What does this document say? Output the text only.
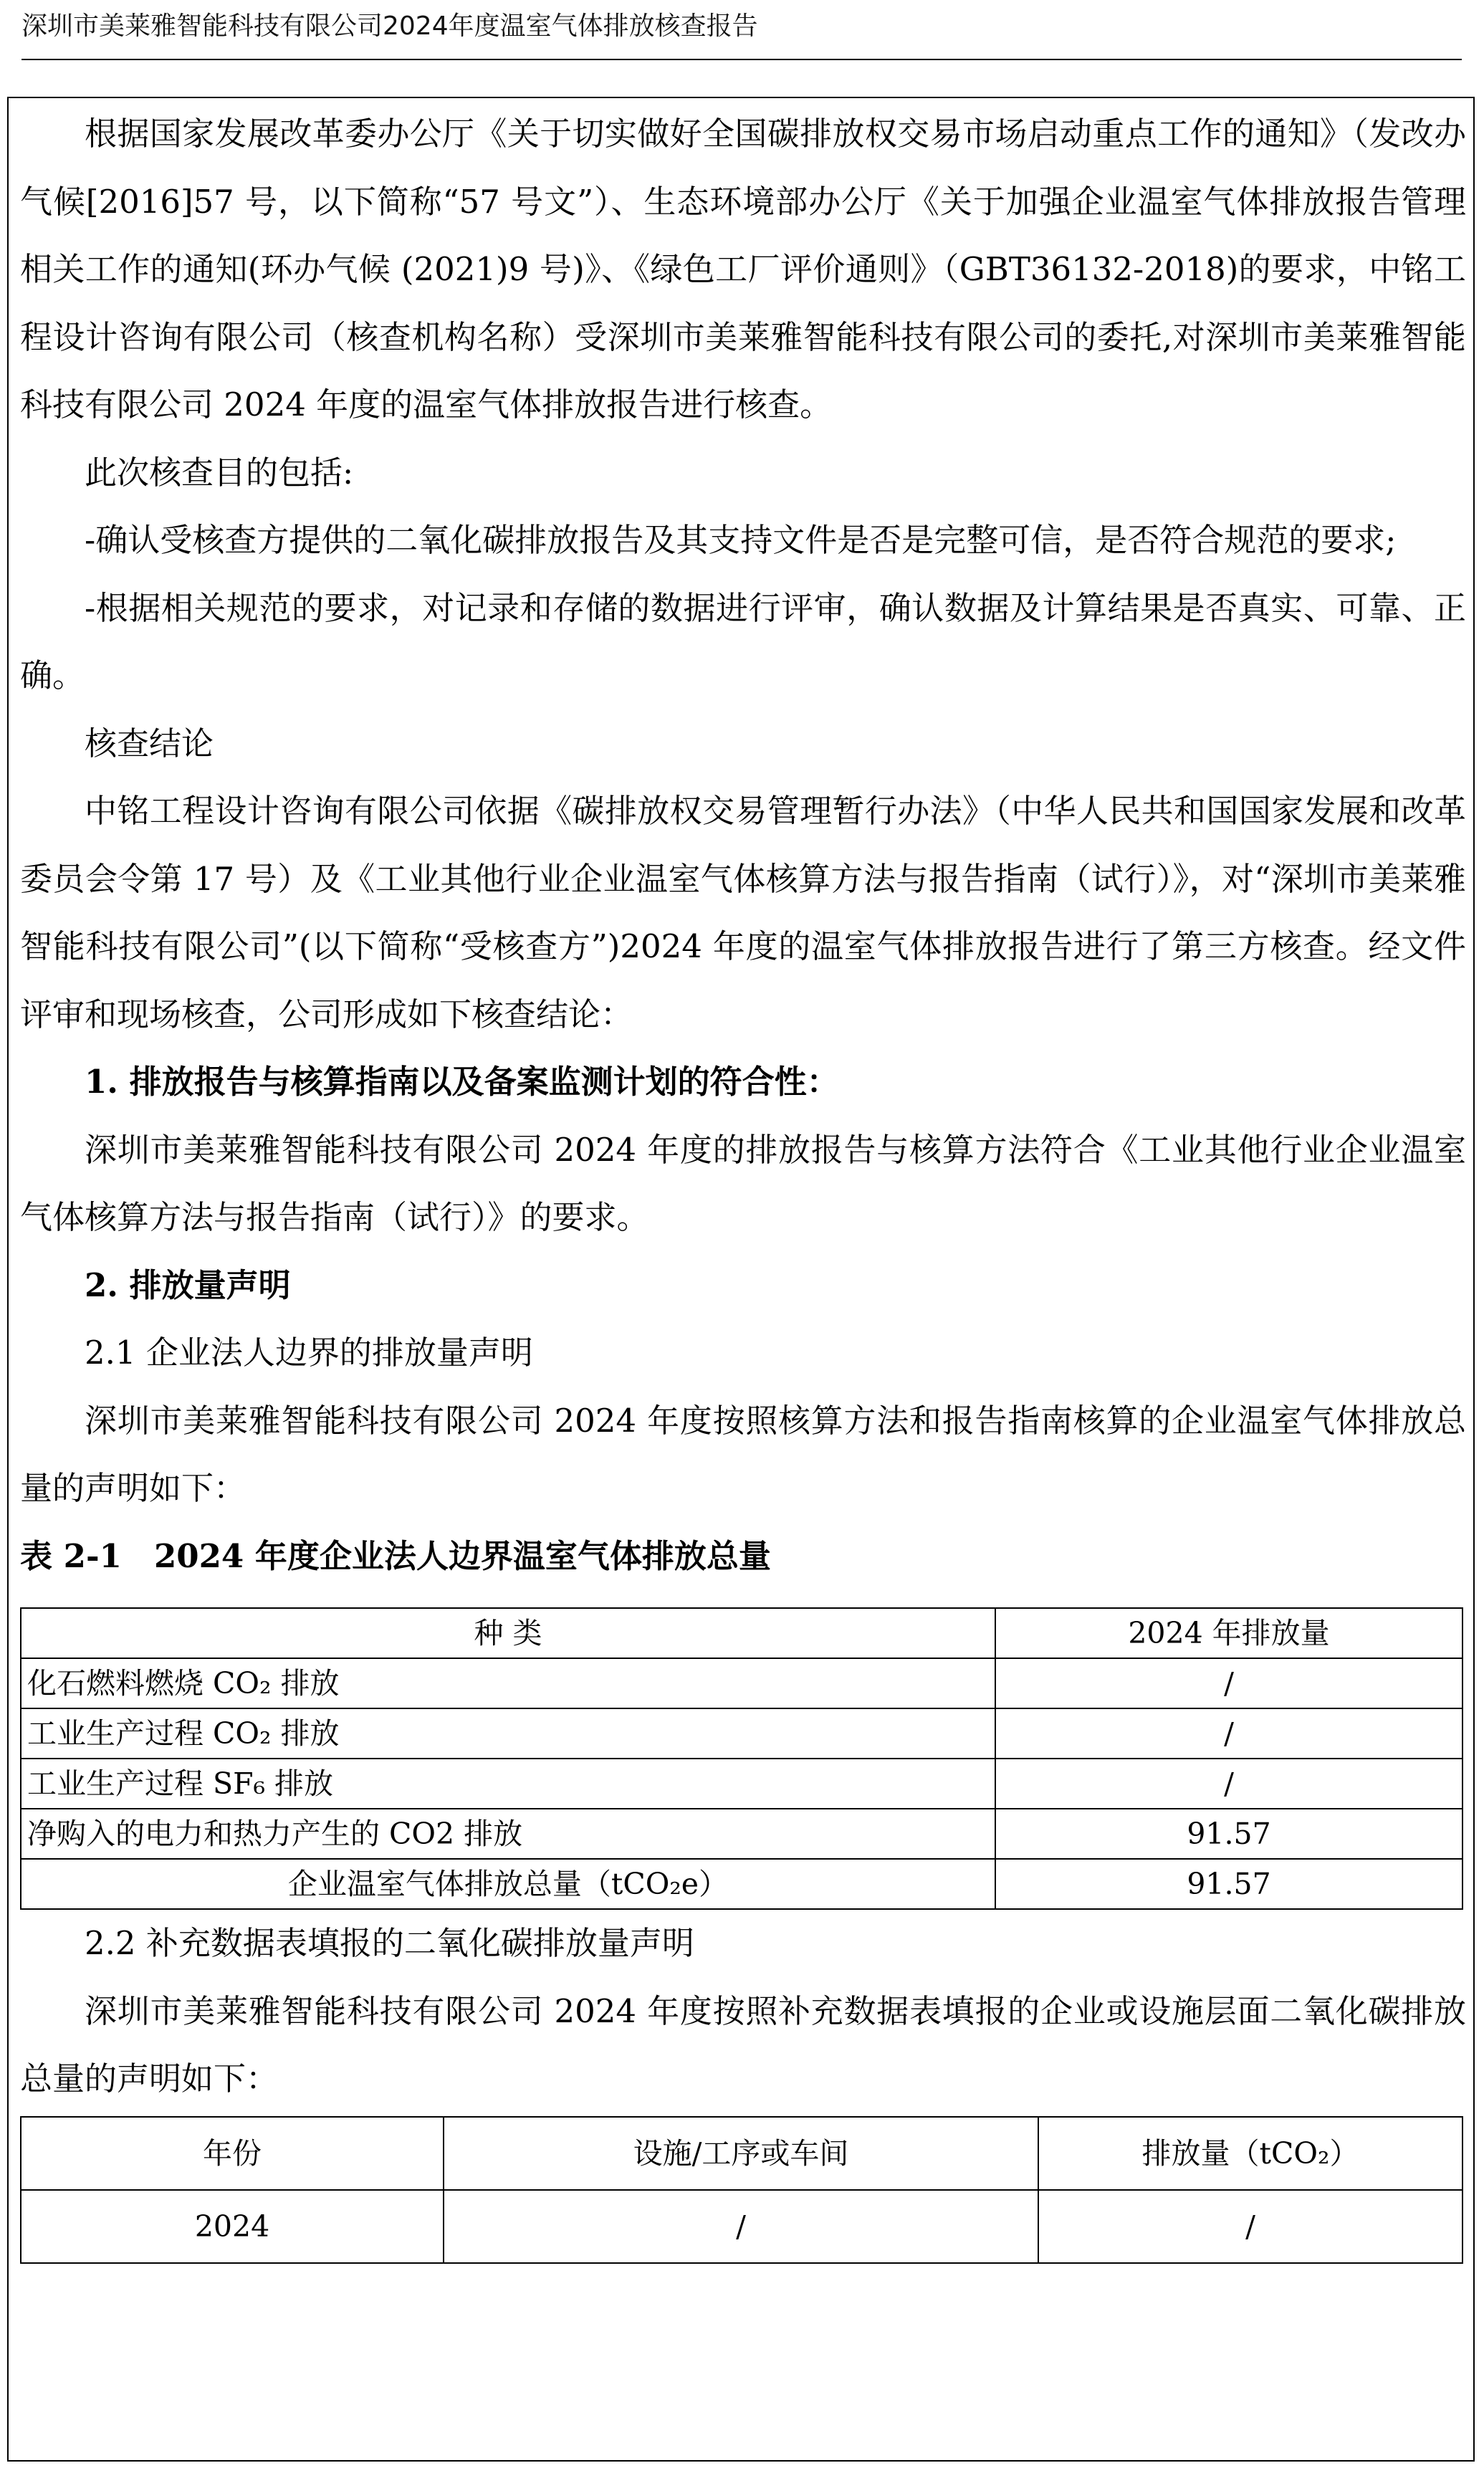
深圳市美莱雅智能科技有限公司2024年度温室气体排放核查报告

根据国家发展改革委办公厅《关于切实做好全国碳排放权交易市场启动重点工作的通知》（发改办气候[2016]57 号，以下简称“57 号文”）、生态环境部办公厅《关于加强企业温室气体排放报告管理相关工作的通知(环办气候 (2021)9 号)》、《绿色工厂评价通则》（GBT36132-2018)的要求，中铭工程设计咨询有限公司（核查机构名称）受深圳市美莱雅智能科技有限公司的委托,对深圳市美莱雅智能科技有限公司 2024 年度的温室气体排放报告进行核查。

此次核查目的包括:

-确认受核查方提供的二氧化碳排放报告及其支持文件是否是完整可信，是否符合规范的要求;

-根据相关规范的要求，对记录和存储的数据进行评审，确认数据及计算结果是否真实、可靠、正确。

核查结论

中铭工程设计咨询有限公司依据《碳排放权交易管理暂行办法》（中华人民共和国国家发展和改革委员会令第 17 号）及《工业其他行业企业温室气体核算方法与报告指南（试行）》，对“深圳市美莱雅智能科技有限公司”(以下简称“受核查方”)2024 年度的温室气体排放报告进行了第三方核查。经文件评审和现场核查，公司形成如下核查结论：

1. 排放报告与核算指南以及备案监测计划的符合性：

深圳市美莱雅智能科技有限公司 2024 年度的排放报告与核算方法符合《工业其他行业企业温室气体核算方法与报告指南（试行）》的要求。

2. 排放量声明

2.1 企业法人边界的排放量声明

深圳市美莱雅智能科技有限公司 2024 年度按照核算方法和报告指南核算的企业温室气体排放总量的声明如下：

表 2-1　2024 年度企业法人边界温室气体排放总量

种 类	2024 年排放量
化石燃料燃烧 CO₂ 排放	/
工业生产过程 CO₂ 排放	/
工业生产过程 SF₆ 排放	/
净购入的电力和热力产生的 CO2 排放	91.57
企业温室气体排放总量（tCO₂e）	91.57

2.2 补充数据表填报的二氧化碳排放量声明

深圳市美莱雅智能科技有限公司 2024 年度按照补充数据表填报的企业或设施层面二氧化碳排放总量的声明如下：

年份	设施/工序或车间	排放量（tCO₂）
2024	/	/
